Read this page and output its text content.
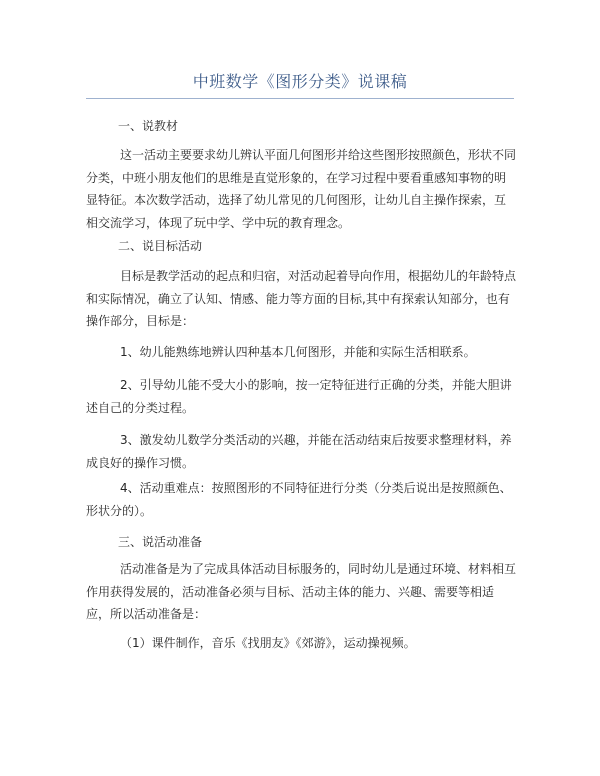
中班数学《图形分类》说课稿

一、说教材

这一活动主要要求幼儿辨认平面几何图形并给这些图形按照颜色，形状不同分类，中班小朋友他们的思维是直觉形象的，在学习过程中要看重感知事物的明显特征。本次数学活动，选择了幼儿常见的几何图形，让幼儿自主操作探索，互相交流学习，体现了玩中学、学中玩的教育理念。

二、说目标活动

目标是教学活动的起点和归宿，对活动起着导向作用，根据幼儿的年龄特点和实际情况，确立了认知、情感、能力等方面的目标,其中有探索认知部分，也有操作部分，目标是：

1、幼儿能熟练地辨认四种基本几何图形，并能和实际生活相联系。

2、引导幼儿能不受大小的影响，按一定特征进行正确的分类，并能大胆讲述自己的分类过程。

3、激发幼儿数学分类活动的兴趣，并能在活动结束后按要求整理材料，养成良好的操作习惯。

4、活动重难点：按照图形的不同特征进行分类（分类后说出是按照颜色、形状分的）。

三、说活动准备

活动准备是为了完成具体活动目标服务的，同时幼儿是通过环境、材料相互作用获得发展的，活动准备必须与目标、活动主体的能力、兴趣、需要等相适应，所以活动准备是：

（1）课件制作，音乐《找朋友》《郊游》，运动操视频。
